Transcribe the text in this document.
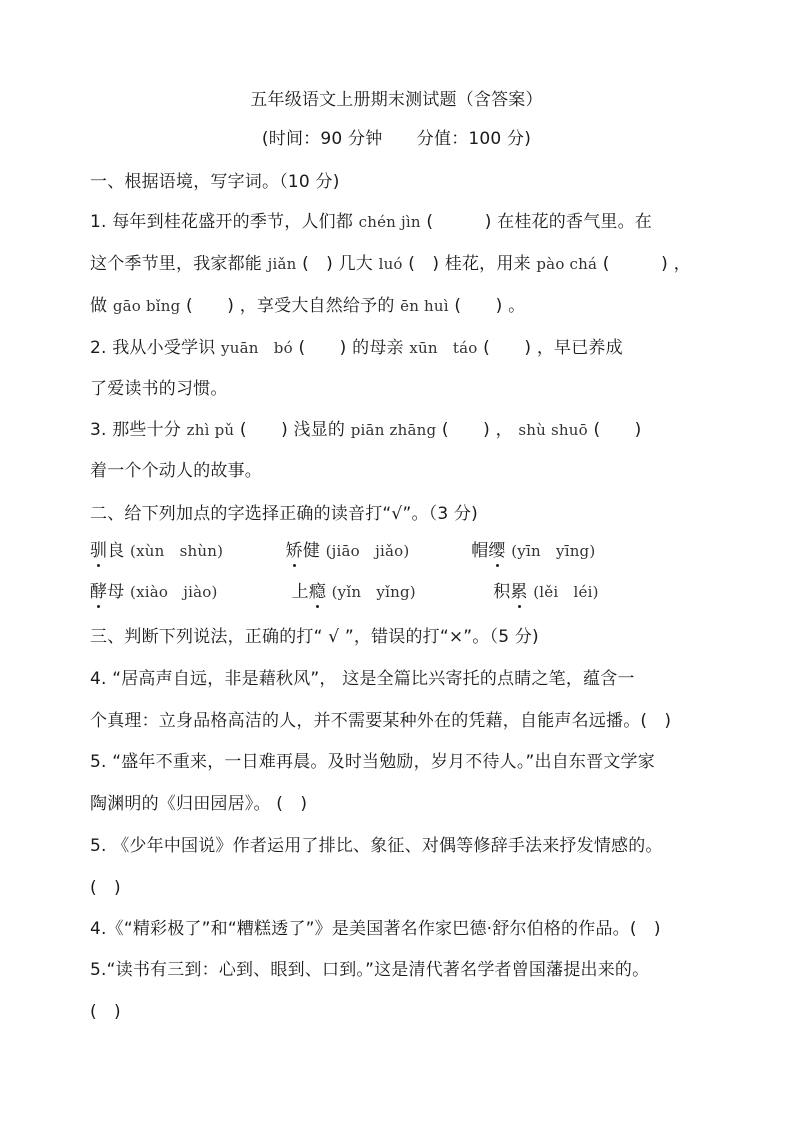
五年级语文上册期末测试题（含答案）
(时间：90 分钟　　分值：100 分)
一、根据语境，写字词。（10 分)
1. 每年到桂花盛开的季节，人们都 chén jìn (　　　) 在桂花的香气里。在
这个季节里，我家都能 jiǎn (　) 几大 luó (　) 桂花，用来 pào chá (　　　) ，
做 gāo bǐng (　　) ，享受大自然给予的 ēn huì (　　) 。
2. 我从小受学识 yuān　bó (　　) 的母亲 xūn　táo (　　) ，早已养成
了爱读书的习惯。
3. 那些十分 zhì pǔ (　　) 浅显的 piān zhāng (　　) ， shù shuō (　　)
着一个个动人的故事。
二、给下列加点的字选择正确的读音打“√”。（3 分)
驯良 (xùn　shùn)	矫健 (jiāo　jiǎo)	帽缨 (yīn　yīng)
酵母 (xiào　jiào)	上瘾 (yǐn　yǐng)	积累 (lěi　léi)
三、判断下列说法，正确的打“ √ ”，错误的打“×”。（5 分)
4. “居高声自远，非是藉秋风”， 这是全篇比兴寄托的点睛之笔，蕴含一
个真理：立身品格高洁的人，并不需要某种外在的凭藉，自能声名远播。(　)
5. “盛年不重来，一日难再晨。及时当勉励，岁月不待人。”出自东晋文学家
陶渊明的《归田园居》。 (　)
5. 《少年中国说》作者运用了排比、象征、对偶等修辞手法来抒发情感的。
(　)
4.《“精彩极了”和“糟糕透了”》是美国著名作家巴德·舒尔伯格的作品。(　)
5.“读书有三到：心到、眼到、口到。”这是清代著名学者曾国藩提出来的。
(　)
